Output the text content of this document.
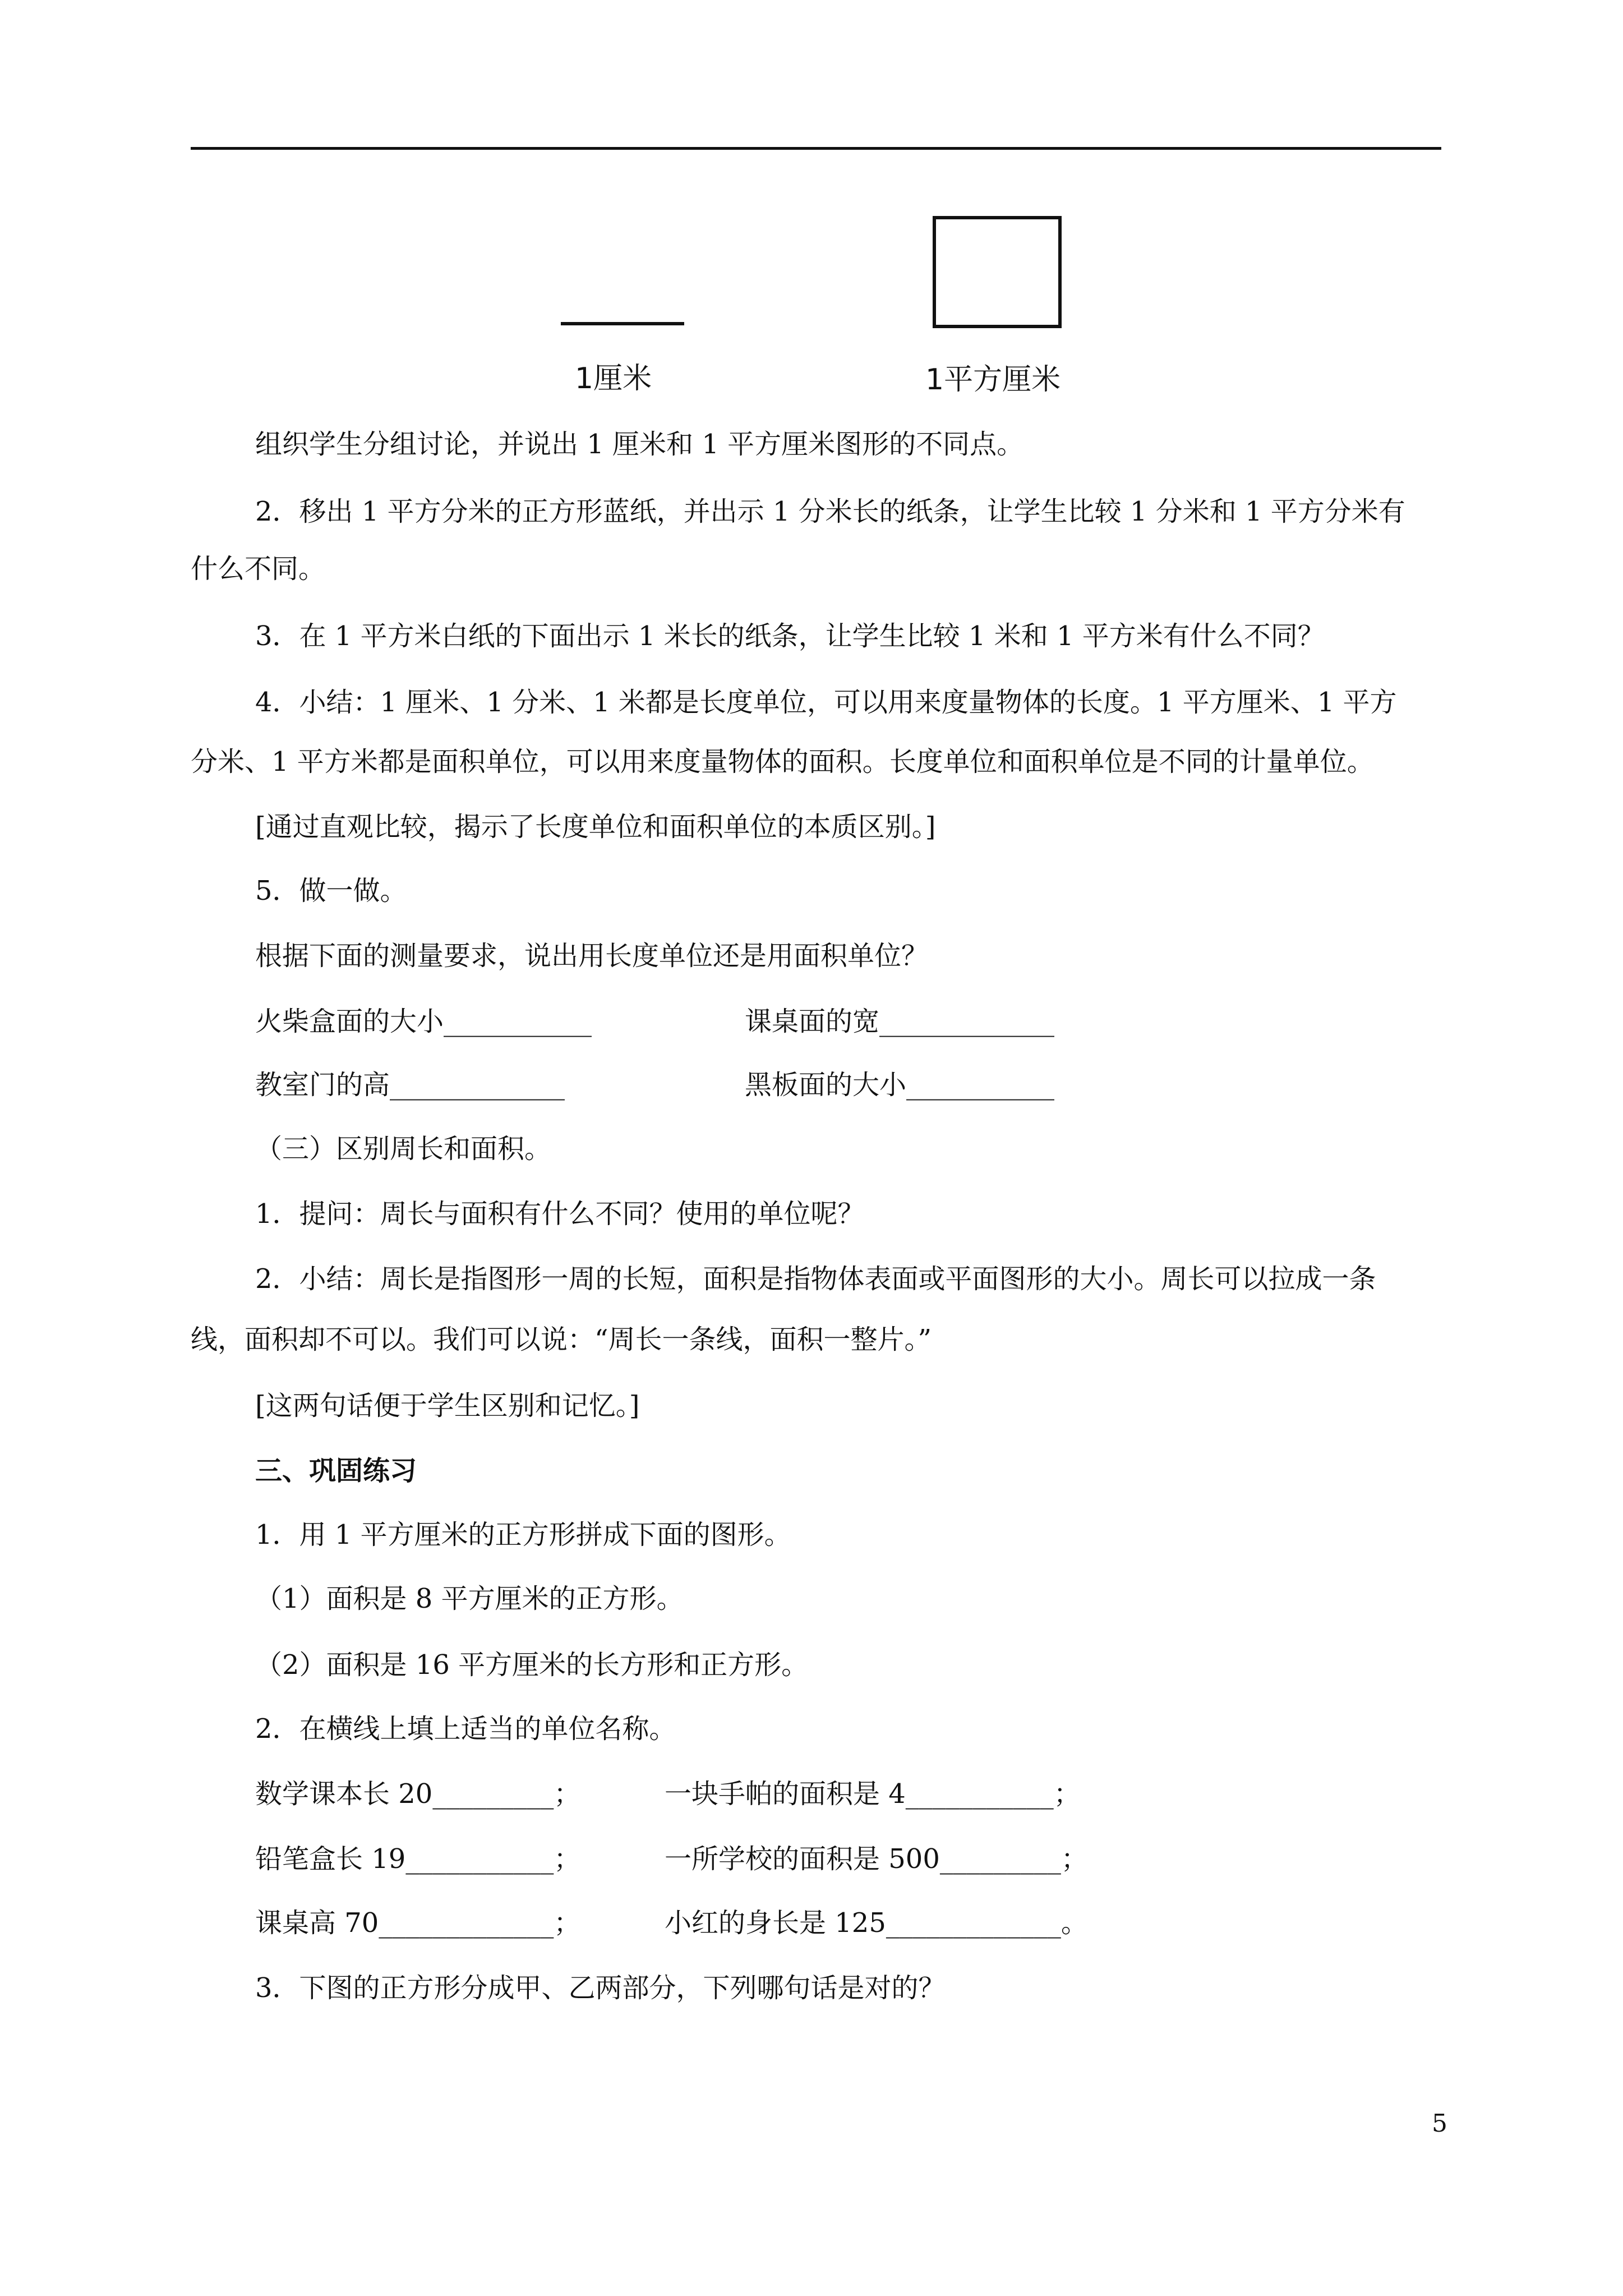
1厘米	1平方厘米
组织学生分组讨论，并说出 1 厘米和 1 平方厘米图形的不同点。
2．移出 1 平方分米的正方形蓝纸，并出示 1 分米长的纸条，让学生比较 1 分米和 1 平方分米有
什么不同。
3．在 1 平方米白纸的下面出示 1 米长的纸条，让学生比较 1 米和 1 平方米有什么不同？
4．小结：1 厘米、1 分米、1 米都是长度单位，可以用来度量物体的长度。1 平方厘米、1 平方
分米、1 平方米都是面积单位，可以用来度量物体的面积。长度单位和面积单位是不同的计量单位。
[通过直观比较，揭示了长度单位和面积单位的本质区别。]
5．做一做。
根据下面的测量要求，说出用长度单位还是用面积单位？
火柴盒面的大小___________	课桌面的宽_____________
教室门的高_____________	黑板面的大小___________
（三）区别周长和面积。
1．提问：周长与面积有什么不同？使用的单位呢？
2．小结：周长是指图形一周的长短，面积是指物体表面或平面图形的大小。周长可以拉成一条
线，面积却不可以。我们可以说：“周长一条线，面积一整片。”
[这两句话便于学生区别和记忆。]
三、巩固练习
1．用 1 平方厘米的正方形拼成下面的图形。
（1）面积是 8 平方厘米的正方形。
（2）面积是 16 平方厘米的长方形和正方形。
2．在横线上填上适当的单位名称。
数学课本长 20_________；	一块手帕的面积是 4___________；
铅笔盒长 19___________；	一所学校的面积是 500_________；
课桌高 70_____________；	小红的身长是 125_____________。
3．下图的正方形分成甲、乙两部分，下列哪句话是对的？
5
